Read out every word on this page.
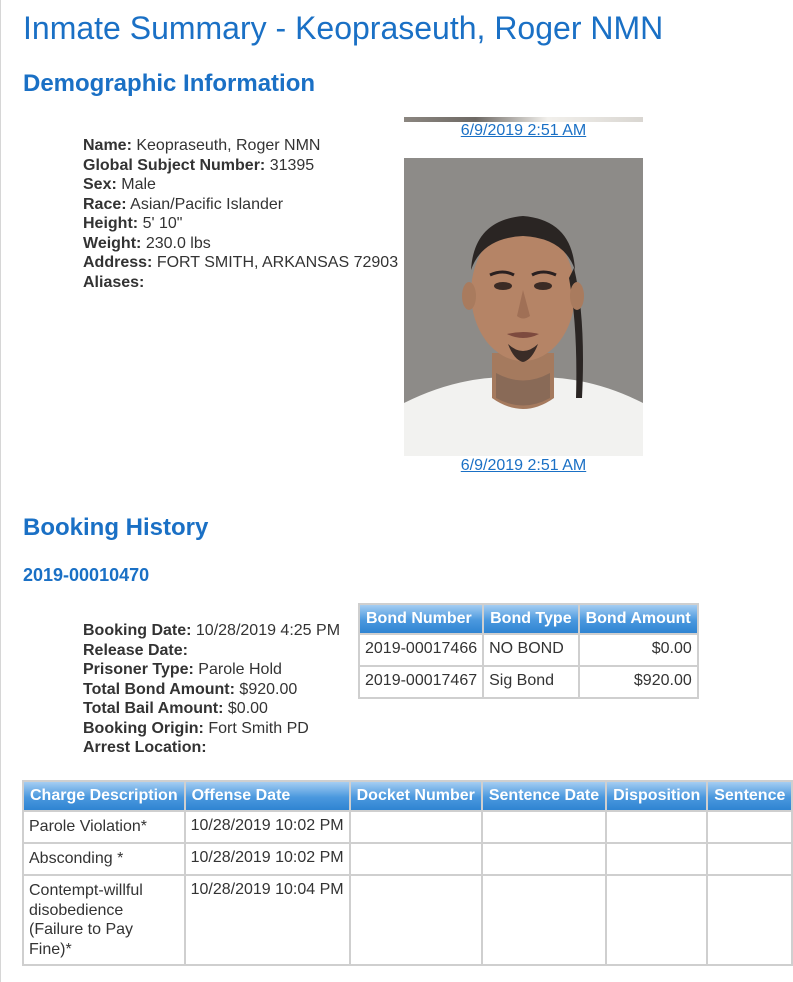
Inmate Summary - Keopraseuth, Roger NMN
Demographic Information
Name: Keopraseuth, Roger NMN
Global Subject Number: 31395
Sex: Male
Race: Asian/Pacific Islander
Height: 5' 10"
Weight: 230.0 lbs
Address: FORT SMITH, ARKANSAS 72903
Aliases:
6/9/2019 2:51 AM
6/9/2019 2:51 AM
Booking History
2019-00010470
Booking Date: 10/28/2019 4:25 PM
Release Date:
Prisoner Type: Parole Hold
Total Bond Amount: $920.00
Total Bail Amount: $0.00
Booking Origin: Fort Smith PD
Arrest Location:
Bond Number	Bond Type	Bond Amount
2019-00017466	NO BOND	$0.00
2019-00017467	Sig Bond	$920.00
Charge Description	Offense Date	Docket Number	Sentence Date	Disposition	Sentence
Parole Violation*	10/28/2019 10:02 PM				
Absconding *	10/28/2019 10:02 PM				
Contempt-willful disobedience (Failure to Pay Fine)*	10/28/2019 10:04 PM				
